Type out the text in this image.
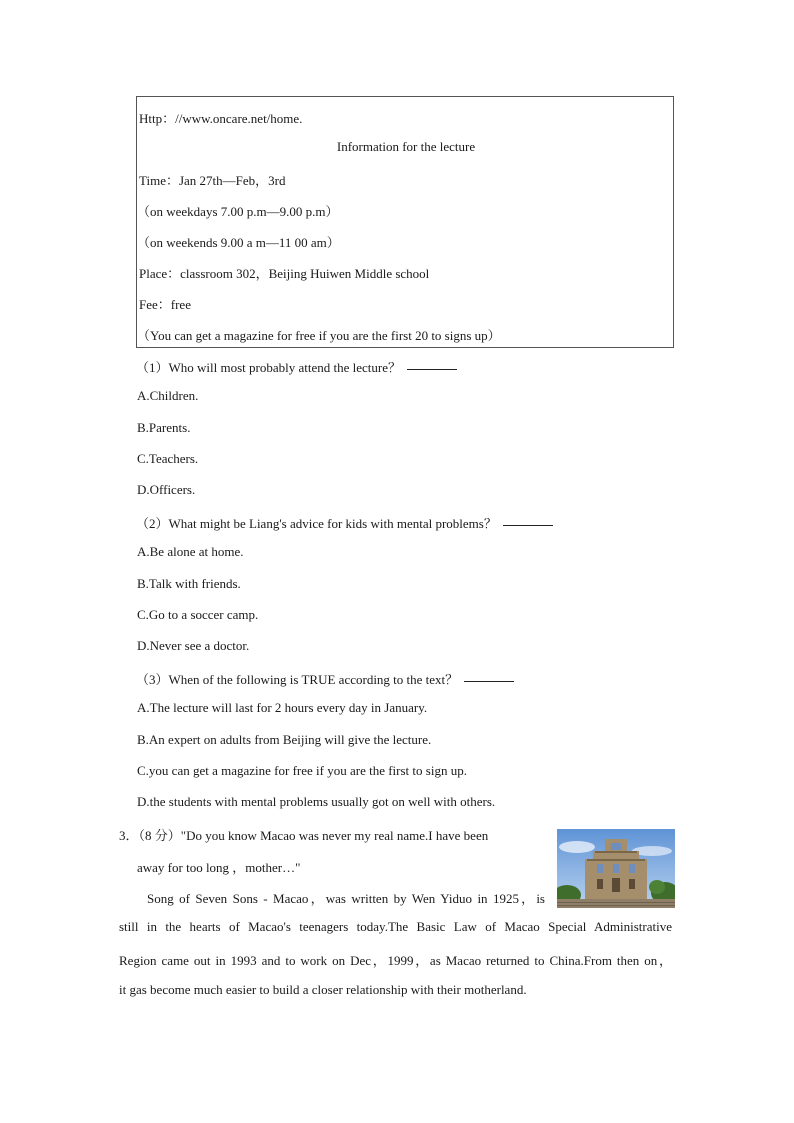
Http：//www.oncare.net/home.
Information for the lecture
Time：Jan 27th—Feb，3rd
（on weekdays 7.00 p.m—9.00 p.m）
（on weekends 9.00 a m—11 00 am）
Place：classroom 302，Beijing Huiwen Middle school
Fee：free
（You can get a magazine for free if you are the first 20 to signs up）
（1）Who will most probably attend the lecture？
A.Children.
B.Parents.
C.Teachers.
D.Officers.
（2）What might be Liang's advice for kids with mental problems？
A.Be alone at home.
B.Talk with friends.
C.Go to a soccer camp.
D.Never see a doctor.
（3）When of the following is TRUE according to the text？
A.The lecture will last for 2 hours every day in January.
B.An expert on adults from Beijing will give the lecture.
C.you can get a magazine for free if you are the first to sign up.
D.the students with mental problems usually got on well with others.
3．（8 分）"Do you know Macao was never my real name.I have been
away for too long ，mother…"
Song of Seven Sons - Macao，was written by Wen Yiduo in 1925，is
still in the hearts of Macao's teenagers today.The Basic Law of Macao Special Administrative
Region came out in 1993 and to work on Dec，1999，as Macao returned to China.From then on，
it gas become much easier to build a closer relationship with their motherland.
